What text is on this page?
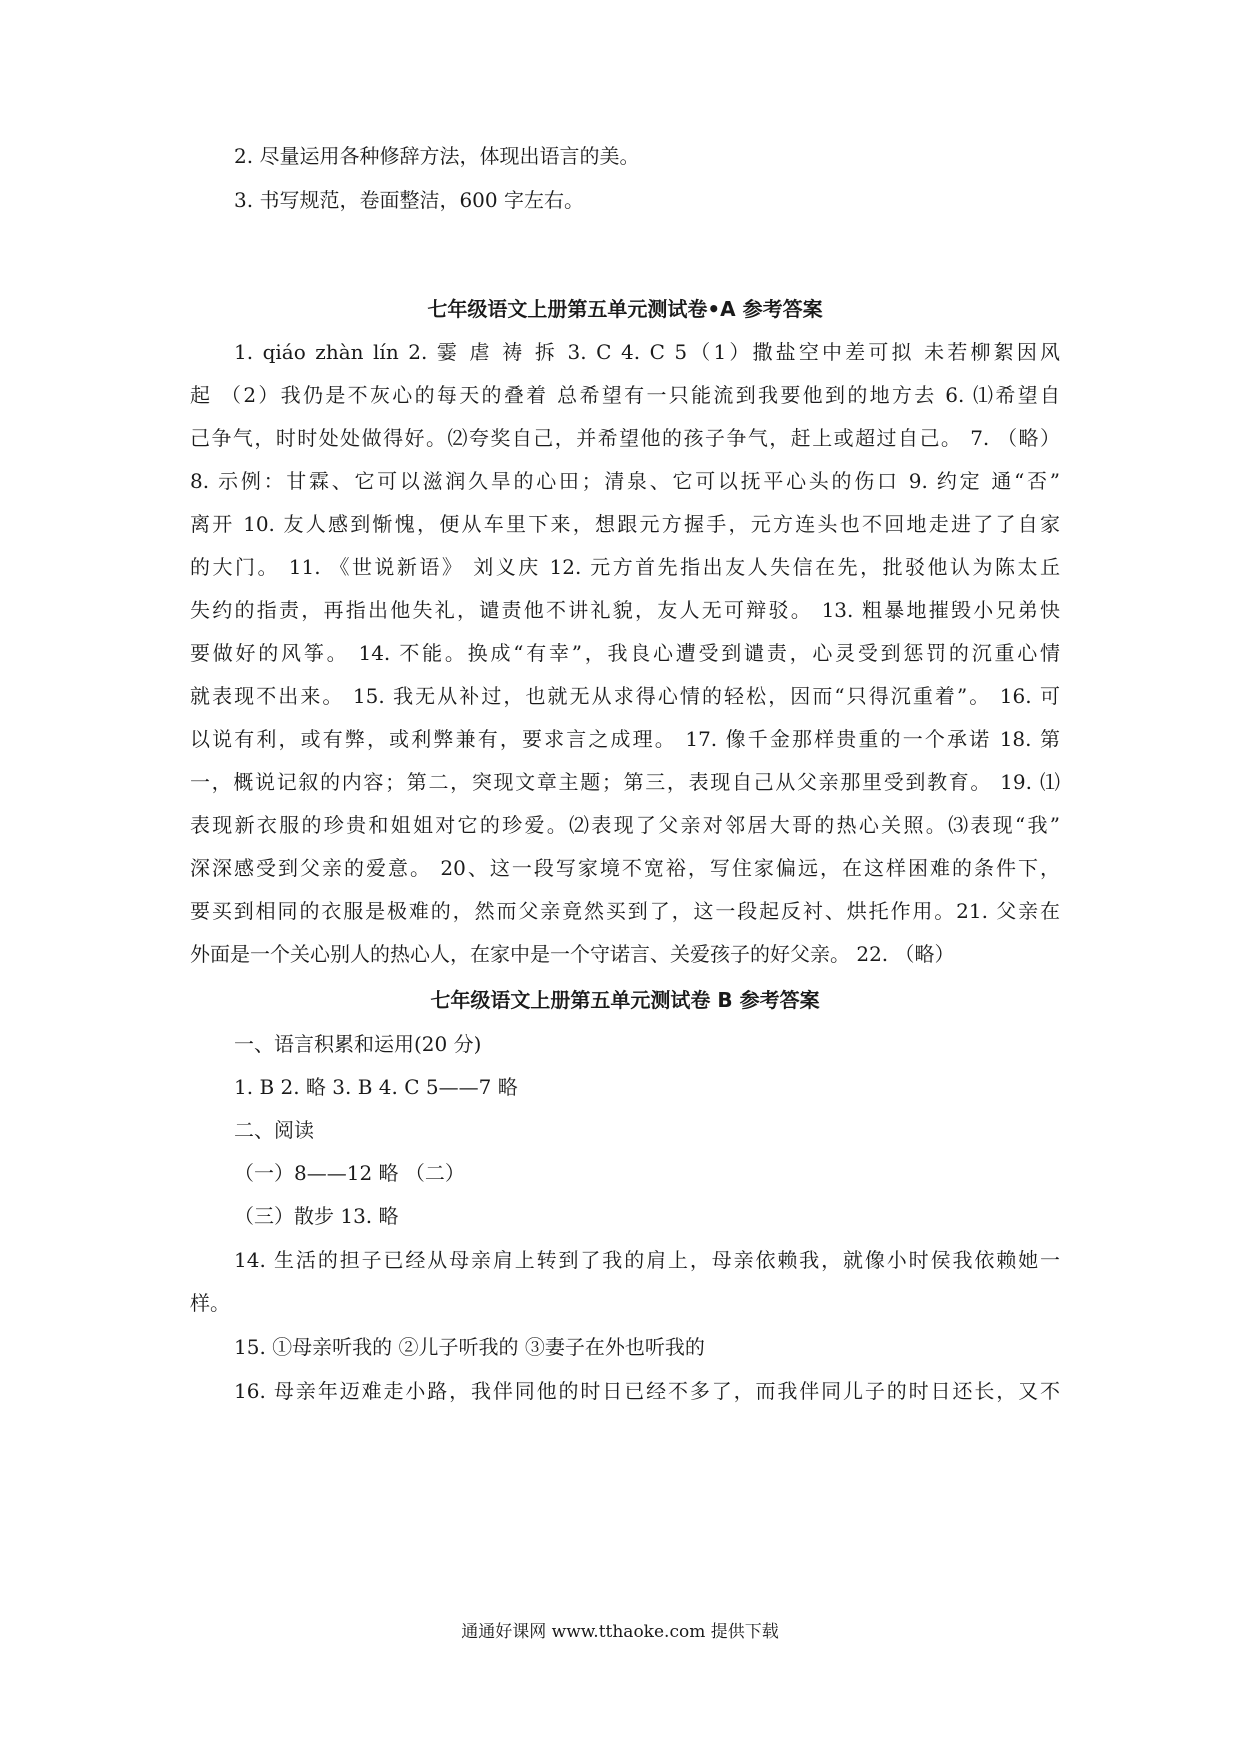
2. 尽量运用各种修辞方法，体现出语言的美。
3. 书写规范，卷面整洁，600 字左右。
七年级语文上册第五单元测试卷•A 参考答案
1. qiáo zhàn lín 2. 霎 虐 祷 拆 3. C 4. C 5（1）撒盐空中差可拟 未若柳絮因风
起 （2）我仍是不灰心的每天的叠着 总希望有一只能流到我要他到的地方去 6. ⑴希望自
己争气，时时处处做得好。⑵夸奖自己，并希望他的孩子争气，赶上或超过自己。 7. （略）
8. 示例：甘霖、它可以滋润久旱的心田；清泉、它可以抚平心头的伤口 9. 约定 通“否”
离开 10. 友人感到惭愧，便从车里下来，想跟元方握手，元方连头也不回地走进了了自家
的大门。 11. 《世说新语》 刘义庆 12. 元方首先指出友人失信在先，批驳他认为陈太丘
失约的指责，再指出他失礼，谴责他不讲礼貌，友人无可辩驳。 13. 粗暴地摧毁小兄弟快
要做好的风筝。 14. 不能。换成“有幸”，我良心遭受到谴责，心灵受到惩罚的沉重心情
就表现不出来。 15. 我无从补过，也就无从求得心情的轻松，因而“只得沉重着”。 16. 可
以说有利，或有弊，或利弊兼有，要求言之成理。 17. 像千金那样贵重的一个承诺 18. 第
一，概说记叙的内容；第二，突现文章主题；第三，表现自己从父亲那里受到教育。 19. ⑴
表现新衣服的珍贵和姐姐对它的珍爱。⑵表现了父亲对邻居大哥的热心关照。⑶表现“我”
深深感受到父亲的爱意。 20、这一段写家境不宽裕，写住家偏远，在这样困难的条件下，
要买到相同的衣服是极难的，然而父亲竟然买到了，这一段起反衬、烘托作用。21. 父亲在
外面是一个关心别人的热心人，在家中是一个守诺言、关爱孩子的好父亲。 22. （略）
七年级语文上册第五单元测试卷 B 参考答案
一、语言积累和运用(20 分)
1. B 2. 略 3. B 4. C 5——7 略
二、阅读
（一）8——12 略 （二）
（三）散步 13. 略
14. 生活的担子已经从母亲肩上转到了我的肩上，母亲依赖我，就像小时侯我依赖她一
样。
15. ①母亲听我的 ②儿子听我的 ③妻子在外也听我的
16. 母亲年迈难走小路，我伴同他的时日已经不多了，而我伴同儿子的时日还长，又不
通通好课网 www.tthaoke.com 提供下载
